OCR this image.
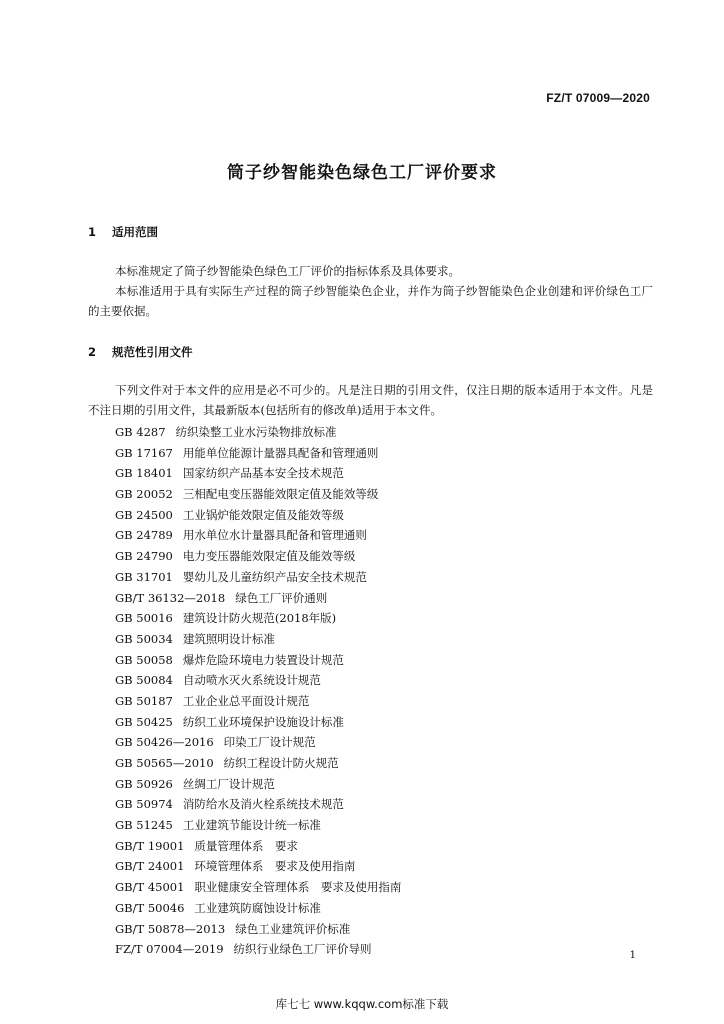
FZ/T 07009—2020
筒子纱智能染色绿色工厂评价要求
1 适用范围
本标准规定了筒子纱智能染色绿色工厂评价的指标体系及具体要求。
本标准适用于具有实际生产过程的筒子纱智能染色企业，并作为筒子纱智能染色企业创建和评价绿色工厂的主要依据。
2 规范性引用文件
下列文件对于本文件的应用是必不可少的。凡是注日期的引用文件，仅注日期的版本适用于本文件。凡是不注日期的引用文件，其最新版本(包括所有的修改单)适用于本文件。
GB 4287 纺织染整工业水污染物排放标准
GB 17167 用能单位能源计量器具配备和管理通则
GB 18401 国家纺织产品基本安全技术规范
GB 20052 三相配电变压器能效限定值及能效等级
GB 24500 工业锅炉能效限定值及能效等级
GB 24789 用水单位水计量器具配备和管理通则
GB 24790 电力变压器能效限定值及能效等级
GB 31701 婴幼儿及儿童纺织产品安全技术规范
GB/T 36132—2018 绿色工厂评价通则
GB 50016 建筑设计防火规范(2018年版)
GB 50034 建筑照明设计标准
GB 50058 爆炸危险环境电力装置设计规范
GB 50084 自动喷水灭火系统设计规范
GB 50187 工业企业总平面设计规范
GB 50425 纺织工业环境保护设施设计标准
GB 50426—2016 印染工厂设计规范
GB 50565—2010 纺织工程设计防火规范
GB 50926 丝绸工厂设计规范
GB 50974 消防给水及消火栓系统技术规范
GB 51245 工业建筑节能设计统一标准
GB/T 19001 质量管理体系　要求
GB/T 24001 环境管理体系　要求及使用指南
GB/T 45001 职业健康安全管理体系　要求及使用指南
GB/T 50046 工业建筑防腐蚀设计标准
GB/T 50878—2013 绿色工业建筑评价标准
FZ/T 07004—2019 纺织行业绿色工厂评价导则	1
库七七 www.kqqw.com标准下载
